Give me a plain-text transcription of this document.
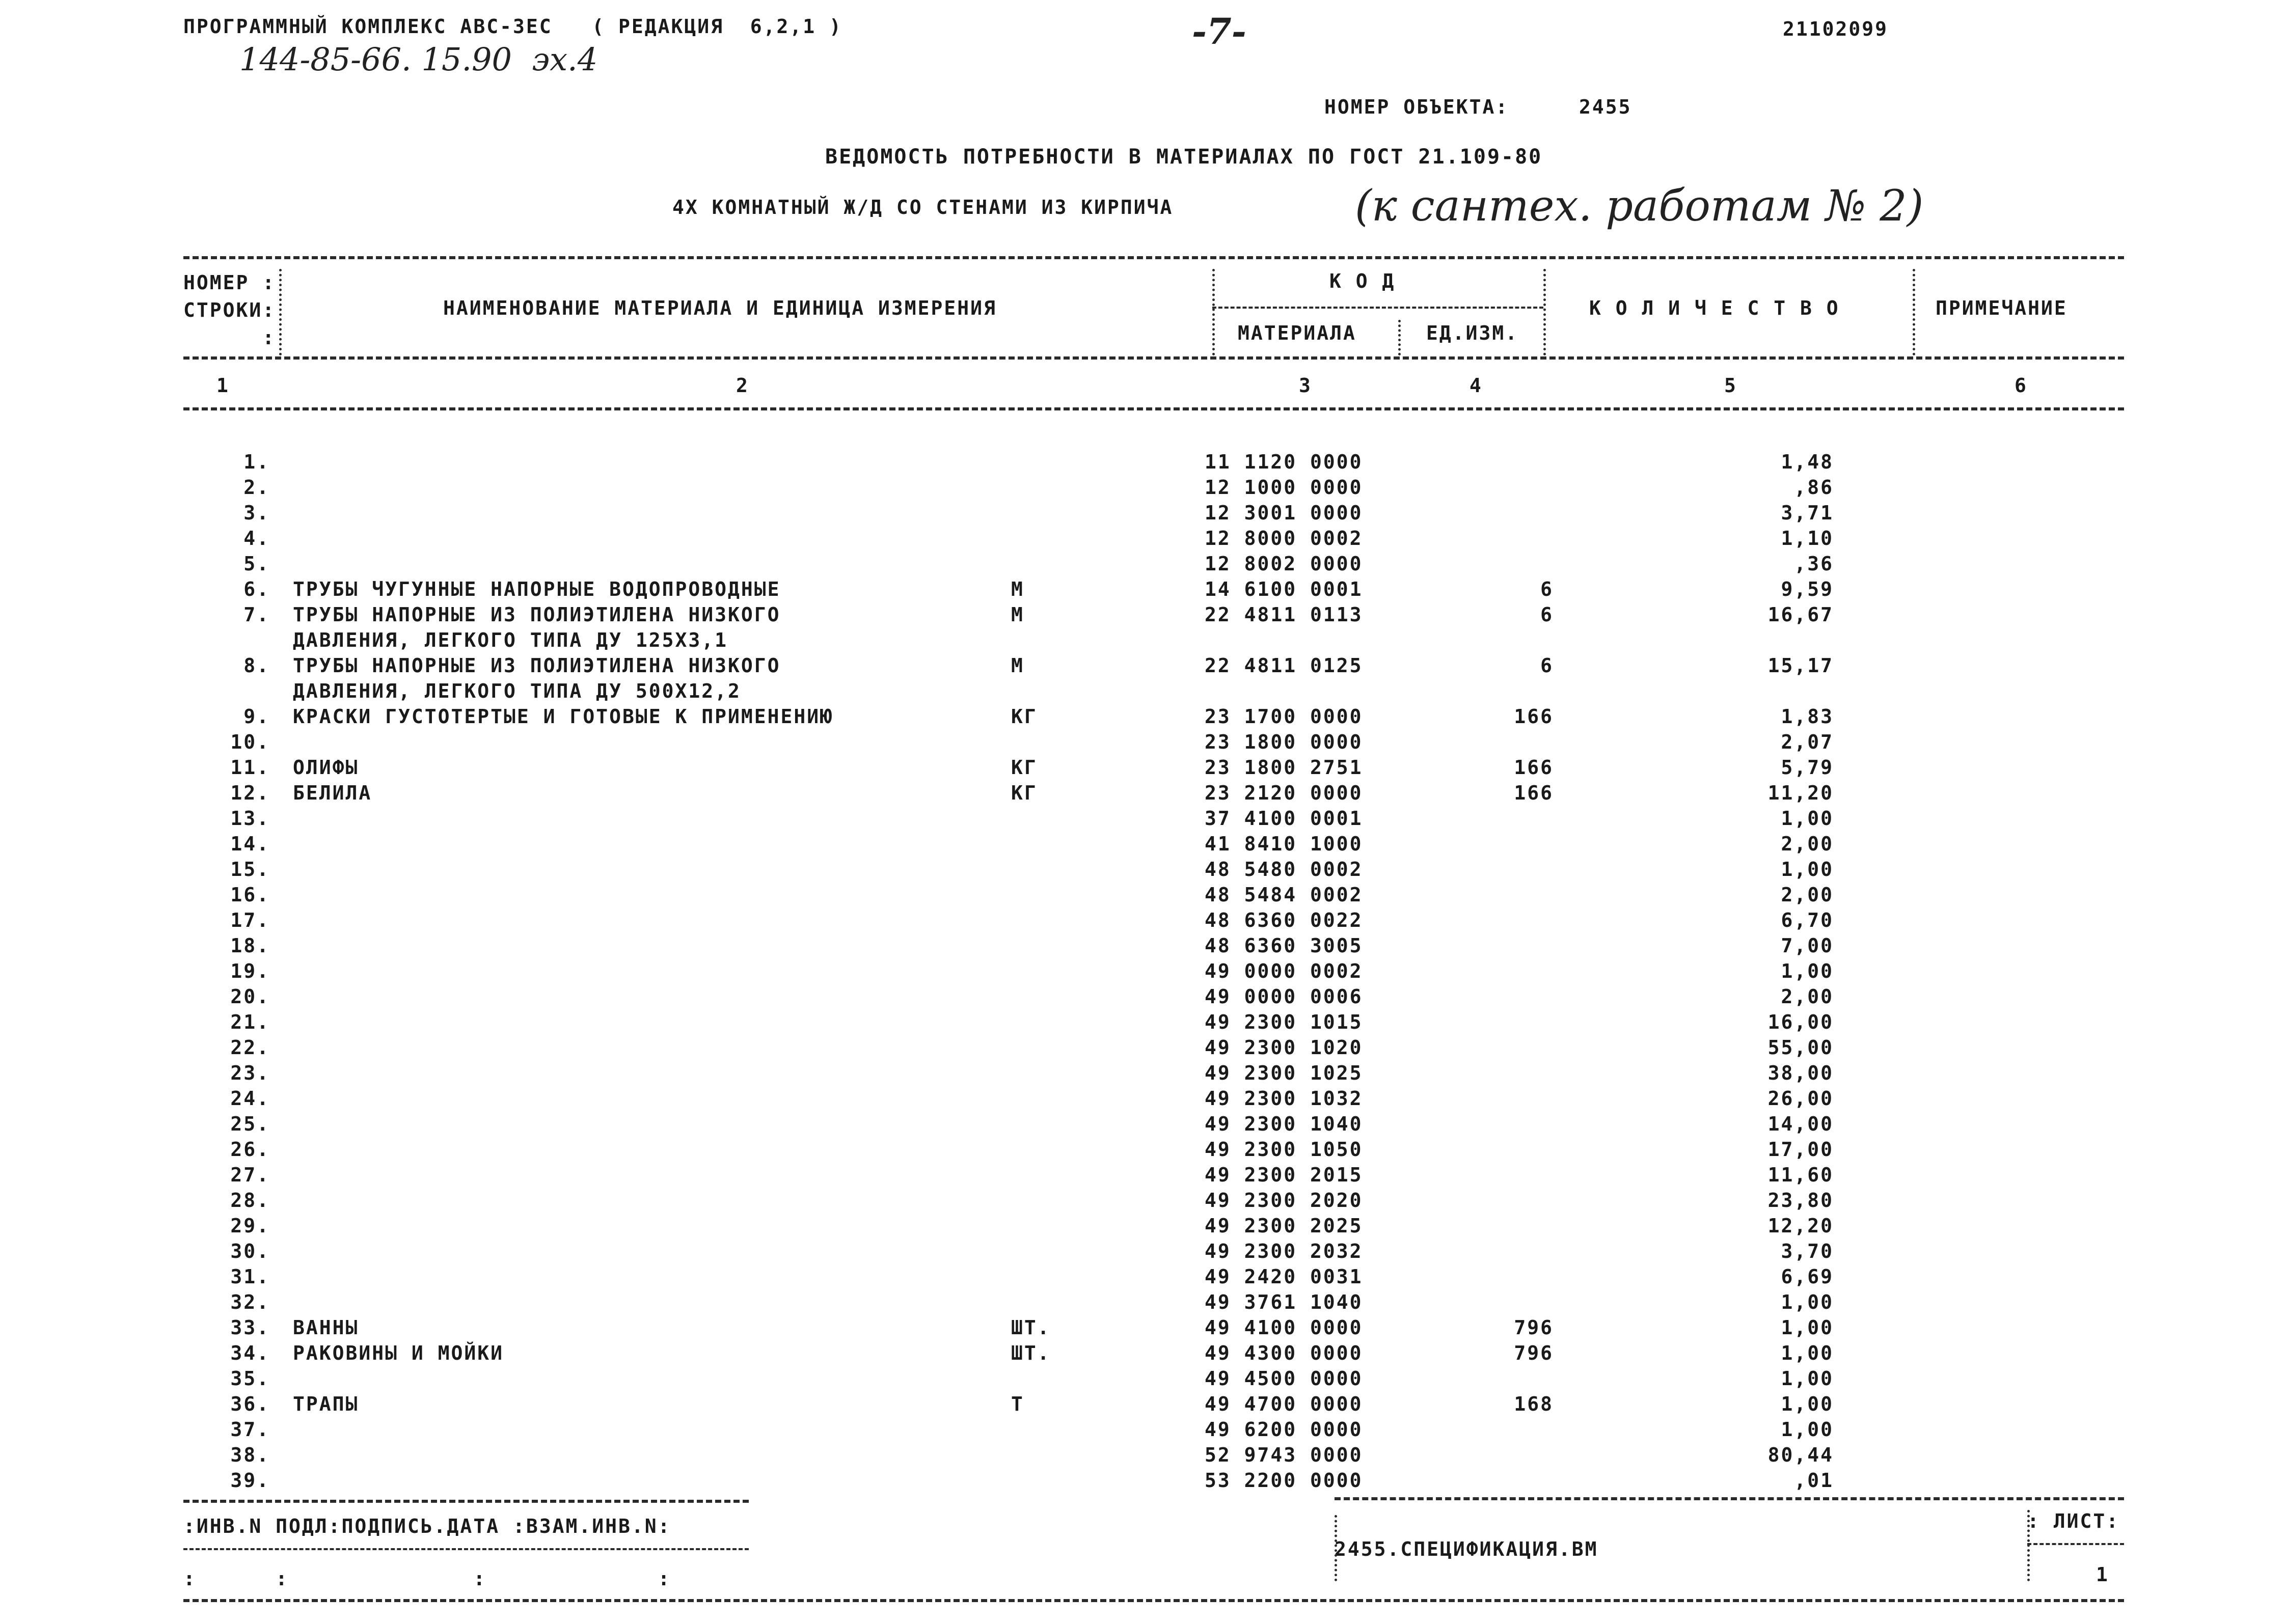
ПРОГРАММНЫЙ КОМПЛЕКС АВС-3ЕС   ( РЕДАКЦИЯ  6,2,1 )
144-85-66. 15.90  эх.4
-7-	21102099
НОМЕР ОБЪЕКТА:	2455
ВЕДОМОСТЬ ПОТРЕБНОСТИ В МАТЕРИАЛАХ ПО ГОСТ 21.109-80
4Х КОМНАТНЫЙ Ж/Д СО СТЕНАМИ ИЗ КИРПИЧА	(к сантех. работам № 2)
НОМЕР :
СТРОКИ:
:
НАИМЕНОВАНИЕ МАТЕРИАЛА И ЕДИНИЦА ИЗМЕРЕНИЯ
К О Д
МАТЕРИАЛА	ЕД.ИЗМ.
К О Л И Ч Е С Т В О	ПРИМЕЧАНИЕ
1	2	3	4	5	6
1.	11 1120 0000	1,48
2.	12 1000 0000	,86
3.	12 3001 0000	3,71
4.	12 8000 0002	1,10
5.	12 8002 0000	,36
6. ТРУБЫ ЧУГУННЫЕ НАПОРНЫЕ ВОДОПРОВОДНЫЕ	М	14 6100 0001	6	9,59
7. ТРУБЫ НАПОРНЫЕ ИЗ ПОЛИЭТИЛЕНА НИЗКОГО	М	22 4811 0113	6	16,67
ДАВЛЕНИЯ, ЛЕГКОГО ТИПА ДУ 125Х3,1
8. ТРУБЫ НАПОРНЫЕ ИЗ ПОЛИЭТИЛЕНА НИЗКОГО	М	22 4811 0125	6	15,17
ДАВЛЕНИЯ, ЛЕГКОГО ТИПА ДУ 500Х12,2
9. КРАСКИ ГУСТОТЕРТЫЕ И ГОТОВЫЕ К ПРИМЕНЕНИЮ	КГ	23 1700 0000	166	1,83
10.	23 1800 0000	2,07
11. ОЛИФЫ	КГ	23 1800 2751	166	5,79
12. БЕЛИЛА	КГ	23 2120 0000	166	11,20
13.	37 4100 0001	1,00
14.	41 8410 1000	2,00
15.	48 5480 0002	1,00
16.	48 5484 0002	2,00
17.	48 6360 0022	6,70
18.	48 6360 3005	7,00
19.	49 0000 0002	1,00
20.	49 0000 0006	2,00
21.	49 2300 1015	16,00
22.	49 2300 1020	55,00
23.	49 2300 1025	38,00
24.	49 2300 1032	26,00
25.	49 2300 1040	14,00
26.	49 2300 1050	17,00
27.	49 2300 2015	11,60
28.	49 2300 2020	23,80
29.	49 2300 2025	12,20
30.	49 2300 2032	3,70
31.	49 2420 0031	6,69
32.	49 3761 1040	1,00
33. ВАННЫ	ШТ.	49 4100 0000	796	1,00
34. РАКОВИНЫ И МОЙКИ	ШТ.	49 4300 0000	796	1,00
35.	49 4500 0000	1,00
36. ТРАПЫ	Т	49 4700 0000	168	1,00
37.	49 6200 0000	1,00
38.	52 9743 0000	80,44
39.	53 2200 0000	,01
:ИНВ.N ПОДЛ:ПОДПИСЬ.ДАТА :ВЗАМ.ИНВ.N:
:      :              :             :
2455.СПЕЦИФИКАЦИЯ.ВМ
: ЛИСТ:
1
